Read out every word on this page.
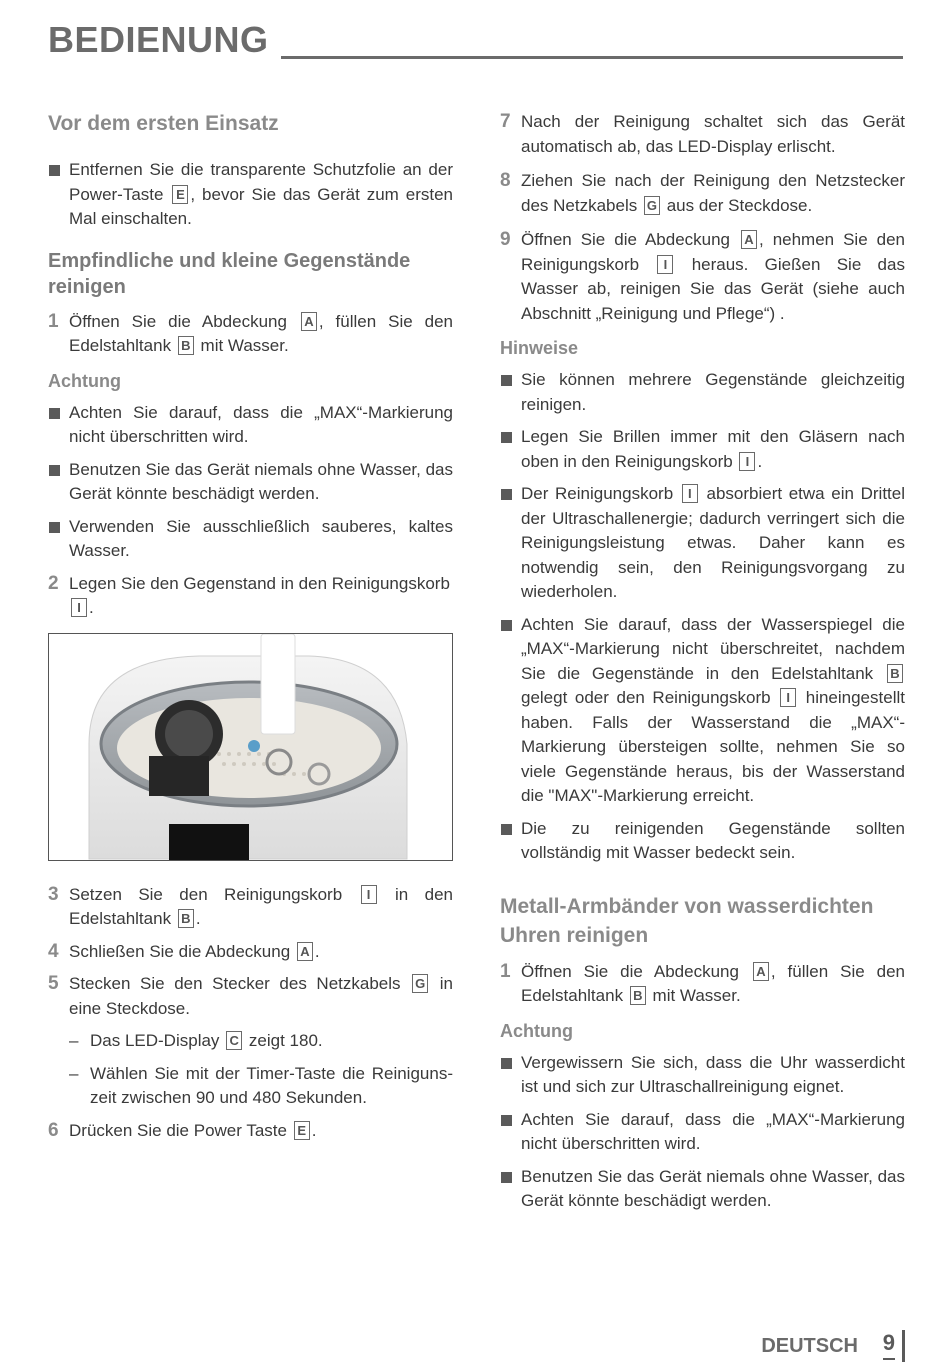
BEDIENUNG
Vor dem ersten Einsatz
Entfernen Sie die transparente Schutzfolie an der Power-Taste E , bevor Sie das Gerät zum ersten Mal einschalten.
Empfindliche und kleine Gegenstände reinigen
1 Öffnen Sie die Abdeckung A , füllen Sie den Edelstahltank B mit Wasser.
Achtung
Achten Sie darauf, dass die „MAX“-Markierung nicht überschritten wird.
Benutzen Sie das Gerät niemals ohne Wasser, das Gerät könnte beschädigt werden.
Verwenden Sie ausschließlich sauberes, kaltes Wasser.
2 Legen Sie den Gegenstand in den Reinigungskorb I .
3 Setzen Sie den Reinigungskorb I in den Edelstahltank B .
4 Schließen Sie die Abdeckung A .
5 Stecken Sie den Stecker des Netzkabels G in eine Steckdose.
– Das LED-Display C zeigt 180.
– Wählen Sie mit der Timer-Taste die Reinigunszeit zwischen 90 und 480 Sekunden.
6 Drücken Sie die Power Taste E .
7 Nach der Reinigung schaltet sich das Gerät automatisch ab, das LED-Display erlischt.
8 Ziehen Sie nach der Reinigung den Netzstecker des Netzkabels G aus der Steckdose.
9 Öffnen Sie die Abdeckung A , nehmen Sie den Reinigungskorb I heraus. Gießen Sie das Wasser ab, reinigen Sie das Gerät (siehe auch Abschnitt „Reinigung und Pflege“) .
Hinweise
Sie können mehrere Gegenstände gleichzeitig reinigen.
Legen Sie Brillen immer mit den Gläsern nach oben in den Reinigungskorb I .
Der Reinigungskorb I absorbiert etwa ein Drittel der Ultraschallenergie; dadurch verringert sich die Reinigungsleistung etwas. Daher kann es notwendig sein, den Reinigungsvorgang zu wiederholen.
Achten Sie darauf, dass der Wasserspiegel die „MAX“-Markierung nicht überschreitet, nachdem Sie die Gegenstände in den Edelstahltank B gelegt oder den Reinigungskorb I hineingestellt haben. Falls der Wasserstand die „MAX“-Markierung übersteigen sollte, nehmen Sie so viele Gegenstände heraus, bis der Wasserstand die "MAX"-Markierung erreicht.
Die zu reinigenden Gegenstände sollten vollständig mit Wasser bedeckt sein.
Metall-Armbänder von wasserdichten Uhren reinigen
1 Öffnen Sie die Abdeckung A , füllen Sie den Edelstahltank B mit Wasser.
Achtung
Vergewissern Sie sich, dass die Uhr wasserdicht ist und sich zur Ultraschallreinigung eignet.
Achten Sie darauf, dass die „MAX“-Markierung nicht überschritten wird.
Benutzen Sie das Gerät niemals ohne Wasser, das Gerät könnte beschädigt werden.
DEUTSCH 9
